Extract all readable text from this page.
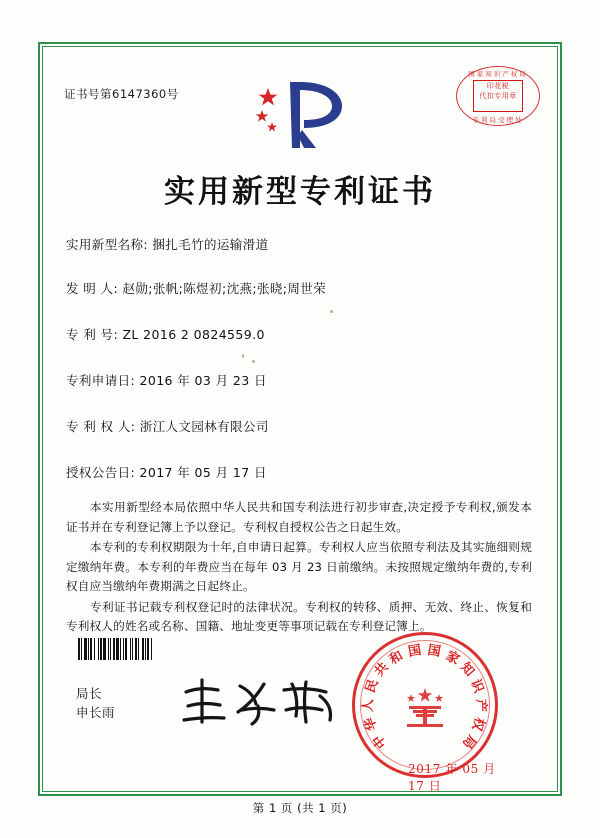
证书号第6147360号
国家知识产权局
印花税
代扣专用章
专利局受理处
实用新型专利证书
实用新型名称: 捆扎毛竹的运输滑道
发 明 人: 赵勋;张帆;陈煜初;沈燕;张晓;周世荣
专 利 号: ZL 2016 2 0824559.0
专利申请日: 2016 年 03 月 23 日
专 利 权 人: 浙江人文园林有限公司
授权公告日: 2017 年 05 月 17 日

本实用新型经本局依照中华人民共和国专利法进行初步审查,决定授予专利权,颁发本证书并在专利登记簿上予以登记。专利权自授权公告之日起生效。

本专利的专利权期限为十年,自申请日起算。专利权人应当依照专利法及其实施细则规定缴纳年费。本专利的年费应当在每年 03 月 23 日前缴纳。未按照规定缴纳年费的,专利权自应当缴纳年费期满之日起终止。

专利证书记载专利权登记时的法律状况。专利权的转移、质押、无效、终止、恢复和专利权人的姓名或名称、国籍、地址变更等事项记载在专利登记簿上。

局长
申长雨
中
华
人
民
共
和 国 国 家
知
识
产
权
局
2017 年 05 月 17 日
第 1 页 (共 1 页)
